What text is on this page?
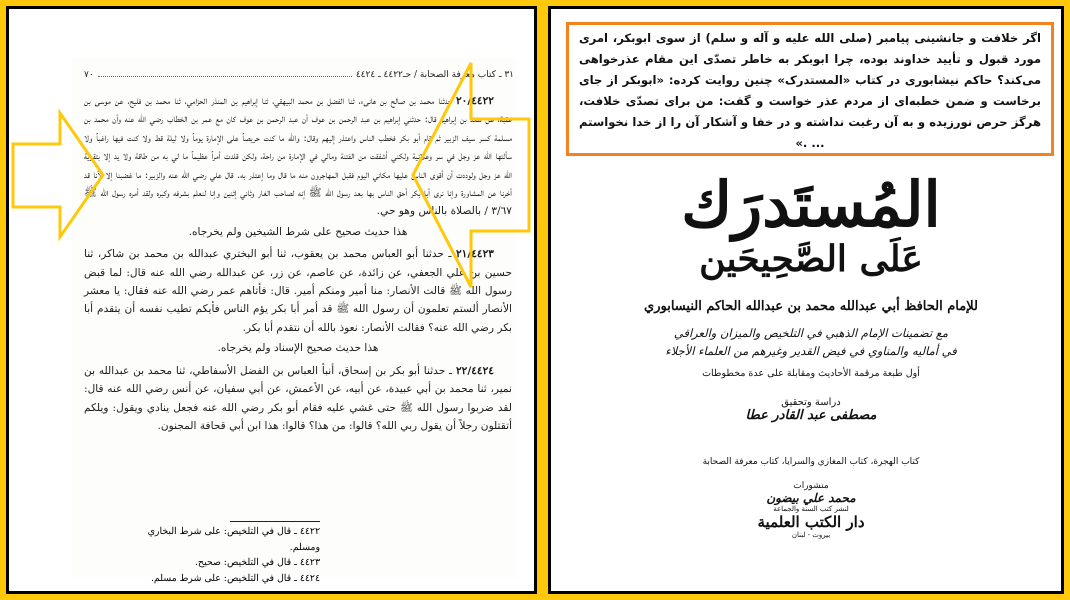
٣١ ـ كتاب معرفة الصحابة / حـ٤٤٢٢ ـ ٤٤٢٤
٧٠

٢٠/٤٤٢٢ حدثنا محمد بن صالح بن هانىء، ثنا الفضل بن محمد البيهقي، ثنا إبراهيم بن المنذر الحزامي، ثنا محمد بن فليح، عن موسى بن عقبة، عن سعد بن إبراهيم قال: حدثني إبراهيم بن عبد الرحمن بن عوف أن عبد الرحمن بن عوف كان مع عمر بن الخطاب رضي الله عنه وأن محمد بن مسلمة كسر سيف الزبير ثم قام أبو بكر فخطب الناس واعتذر إليهم وقال: والله ما كنت حريصاً على الإمارة يوماً ولا ليلة قط ولا كنت فيها راغباً ولا سألتها الله عز وجل في سر وعلانية ولكني أشفقت من الفتنة ومالي في الإمارة من راحة، ولكن قلدت أمراً عظيماً ما لي به من طاقة ولا يد إلا بتقوية الله عز وجل ولوددت أن أقوى الناس عليها مكاني اليوم فقبل المهاجرون منه ما قال وما إعتذر به. قال علي رضي الله عنه والزبير: ما غضبنا إلا لأنا قد أخرنا عن المشاورة وإنا نرى أبا بكر أحق الناس بها بعد رسول الله ﷺ إنه لصاحب الغار وثاني إثنين وإنا لنعلم بشرفه وكبره ولقد أمره رسول الله ﷺ ٣/٦٧ / بالصلاة بالناس وهو حي.

هذا حديث صحيح على شرط الشيخين ولم يخرجاه.

٢١/٤٤٢٣ ـ حدثنا أبو العباس محمد بن يعقوب، ثنا أبو البختري عبدالله بن محمد بن شاكر، ثنا حسين بن علي الجعفي، عن زائدة، عن عاصم، عن زر، عن عبدالله رضي الله عنه قال: لما قبض رسول الله ﷺ قالت الأنصار: منا أمير ومنكم أمير. قال: فأتاهم عمر رضي الله عنه فقال: يا معشر الأنصار ألستم تعلمون أن رسول الله ﷺ قد أمر أبا بكر يؤم الناس فأيكم تطيب نفسه أن يتقدم أبا بكر رضي الله عنه؟ فقالت الأنصار: نعوذ بالله أن نتقدم أبا بكر.

هذا حديث صحيح الإسناد ولم يخرجاه.

٢٢/٤٤٢٤ ـ حدثنا أبو بكر بن إسحاق، أنبأ العباس بن الفضل الأسفاطي، ثنا محمد بن عبدالله بن نمير، ثنا محمد بن أبي عبيدة، عن أبيه، عن الأعمش، عن أبي سفيان، عن أنس رضي الله عنه قال: لقد ضربوا رسول الله ﷺ حتى غشي عليه فقام أبو بكر رضي الله عنه فجعل ينادي ويقول: ويلكم أتقتلون رجلاً أن يقول ربي الله؟ قالوا: من هذا؟ قالوا: هذا ابن أبي قحافة المجنون.

٤٤٢٢ ـ قال في التلخيص: على شرط البخاري ومسلم.
٤٤٢٣ ـ قال في التلخيص: صحيح.
٤٤٢٤ ـ قال في التلخيص: على شرط مسلم.
اگر خلافت و جانشینی پیامبر (صلی الله علیه و آله و سلم) از سوی ابوبکر، امری مورد قبول و تأیید خداوند بوده، چرا ابوبکر به خاطر تصدّی این مقام عذرخواهی می‌کند؟ حاکم نیشابوری در کتاب «المستدرک» چنین روایت کرده: «ابوبکر از جای برخاست و ضمن خطبه‌ای از مردم عذر خواست و گفت: من برای تصدّی خلافت، هرگز حرص نورزیده و به آن رغبت نداشته و در خفا و آشکار آن را از خدا نخواستم ... .»
المُستَدرَك
عَلَى الصَّحِيحَين
للإمام الحافظ أبي عبدالله محمد بن عبدالله الحاكم النيسابوري
مع تضمينات الإمام الذهبي في التلخيص والميزان والعراقي
في أماليه والمناوي في فيض القدير وغيرهم من العلماء الأجلاء
أول طبعة مرقمة الأحاديث ومقابلة على عدة مخطوطات
دراسة وتحقيق
مصطفى عبد القادر عطا
كتاب الهجرة، كتاب المغازي والسرايا، كتاب معرفة الصحابة
منشورات
محمد علي بيضون
لنشر كتب السنة والجماعة
دار الكتب العلمية
بيروت - لبنان
